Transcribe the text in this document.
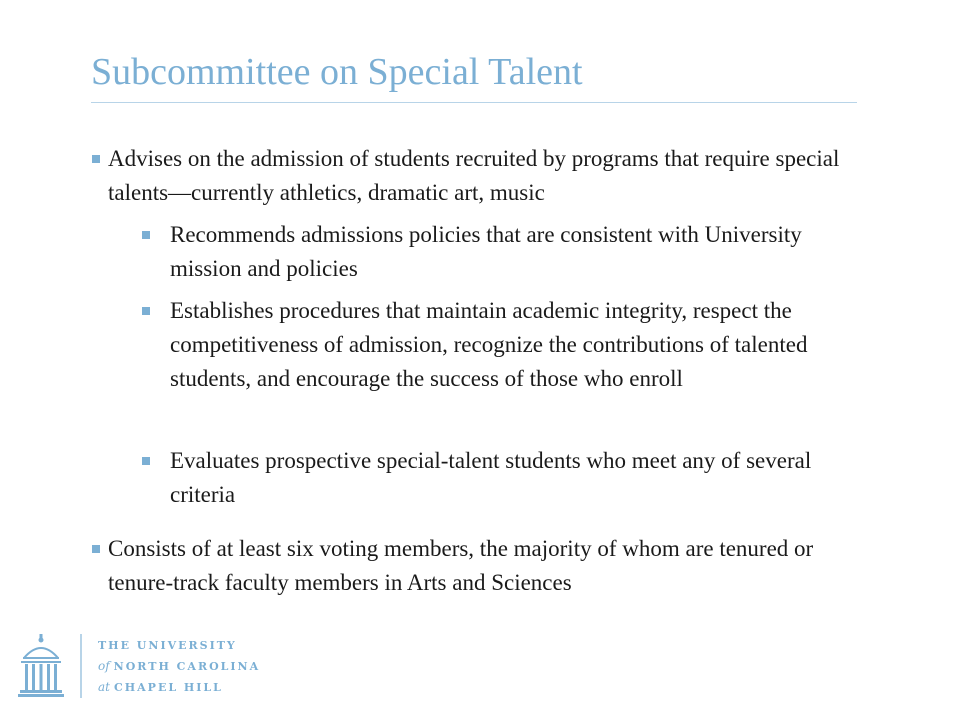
Subcommittee on Special Talent
Advises on the admission of students recruited by programs that require special talents—currently athletics, dramatic art, music
Recommends admissions policies that are consistent with University mission and policies
Establishes procedures that maintain academic integrity, respect the competitiveness of admission, recognize the contributions of talented students, and encourage the success of those who enroll
Evaluates prospective special-talent students who meet any of several criteria
Consists of at least six voting members, the majority of whom are tenured or tenure-track faculty members in Arts and Sciences
THE UNIVERSITY
of NORTH CAROLINA
at CHAPEL HILL
